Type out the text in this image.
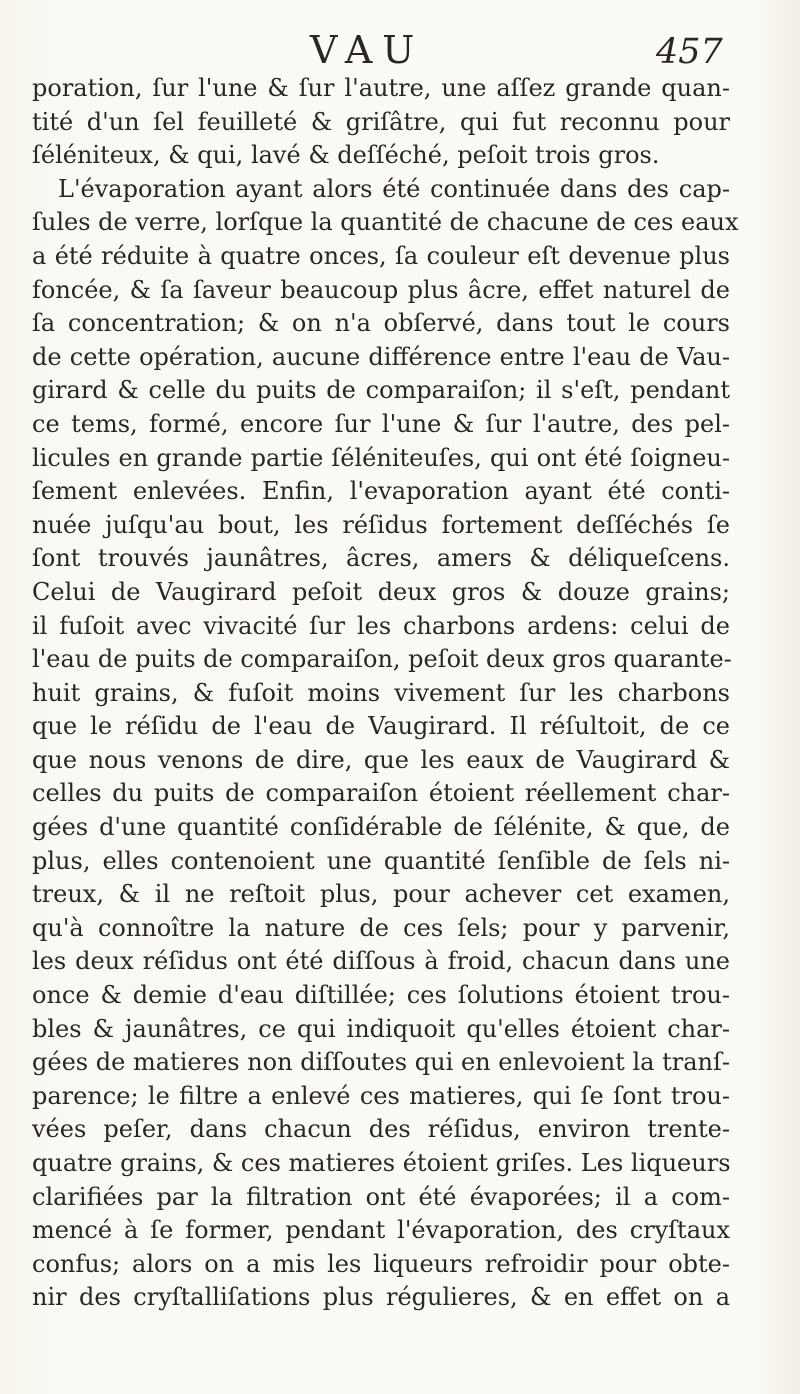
VAU	457
poration, ſur l'une & ſur l'autre, une aſſez grande quan-
tité d'un ſel feuilleté & griſâtre, qui fut reconnu pour
ſéléniteux, & qui, lavé & deſſéché, peſoit trois gros.
L'évaporation ayant alors été continuée dans des cap-
ſules de verre, lorſque la quantité de chacune de ces eaux
a été réduite à quatre onces, ſa couleur eſt devenue plus
foncée, & ſa ſaveur beaucoup plus âcre, effet naturel de
ſa concentration; & on n'a obſervé, dans tout le cours
de cette opération, aucune différence entre l'eau de Vau-
girard & celle du puits de comparaiſon; il s'eſt, pendant
ce tems, formé, encore ſur l'une & ſur l'autre, des pel-
licules en grande partie ſéléniteuſes, qui ont été ſoigneu-
ſement enlevées. Enfin, l'evaporation ayant été conti-
nuée juſqu'au bout, les réſidus fortement deſſéchés ſe
ſont trouvés jaunâtres, âcres, amers & déliqueſcens.
Celui de Vaugirard peſoit deux gros & douze grains;
il fuſoit avec vivacité ſur les charbons ardens: celui de
l'eau de puits de comparaiſon, peſoit deux gros quarante-
huit grains, & fuſoit moins vivement ſur les charbons
que le réſidu de l'eau de Vaugirard. Il réſultoit, de ce
que nous venons de dire, que les eaux de Vaugirard &
celles du puits de comparaiſon étoient réellement char-
gées d'une quantité conſidérable de ſélénite, & que, de
plus, elles contenoient une quantité ſenſible de ſels ni-
treux, & il ne reſtoit plus, pour achever cet examen,
qu'à connoître la nature de ces ſels; pour y parvenir,
les deux réſidus ont été diſſous à froid, chacun dans une
once & demie d'eau diſtillée; ces ſolutions étoient trou-
bles & jaunâtres, ce qui indiquoit qu'elles étoient char-
gées de matieres non diſſoutes qui en enlevoient la tranſ-
parence; le filtre a enlevé ces matieres, qui ſe ſont trou-
vées peſer, dans chacun des réſidus, environ trente-
quatre grains, & ces matieres étoient griſes. Les liqueurs
clarifiées par la filtration ont été évaporées; il a com-
mencé à ſe former, pendant l'évaporation, des cryſtaux
confus; alors on a mis les liqueurs refroidir pour obte-
nir des cryſtalliſations plus régulieres, & en effet on a
